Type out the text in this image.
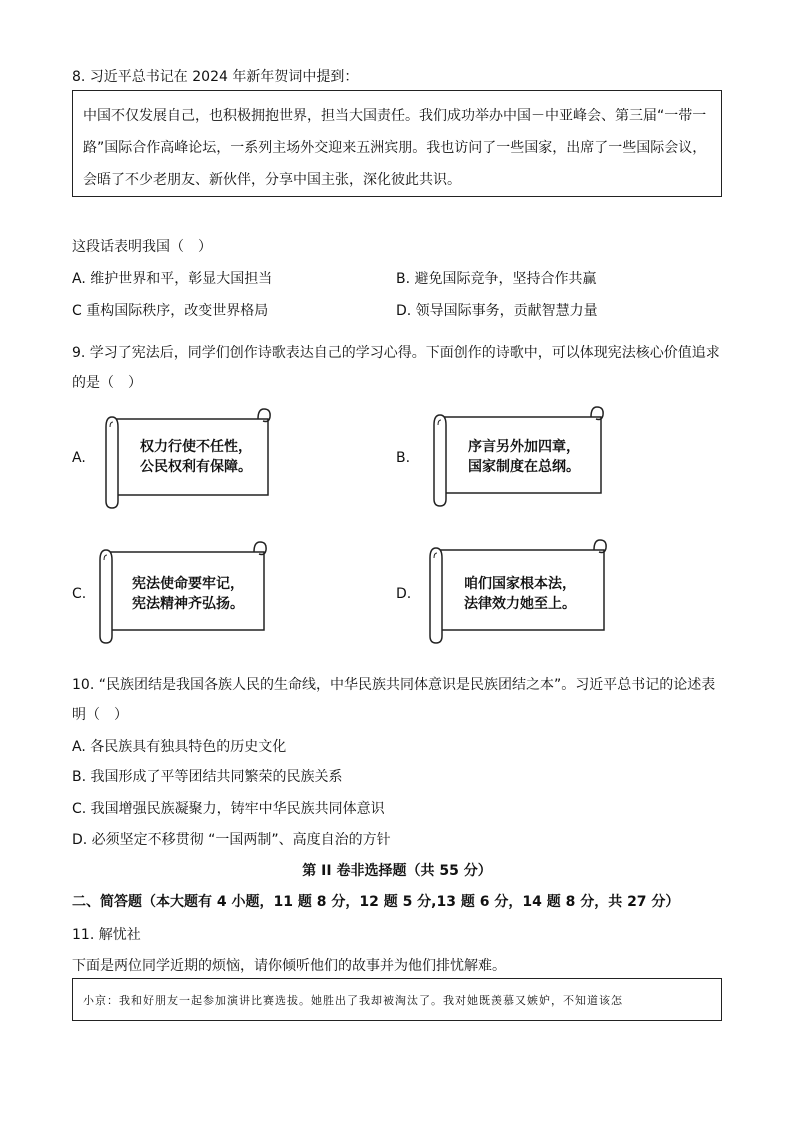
8. 习近平总书记在 2024 年新年贺词中提到：
中国不仅发展自己，也积极拥抱世界，担当大国责任。我们成功举办中国－中亚峰会、第三届“一带一
路”国际合作高峰论坛，一系列主场外交迎来五洲宾朋。我也访问了一些国家，出席了一些国际会议，
会晤了不少老朋友、新伙伴，分享中国主张，深化彼此共识。
这段话表明我国（　）
A. 维护世界和平，彰显大国担当	B. 避免国际竞争，坚持合作共赢
C 重构国际秩序，改变世界格局	D. 领导国际事务，贡献智慧力量
9. 学习了宪法后，同学们创作诗歌表达自己的学习心得。下面创作的诗歌中，可以体现宪法核心价值追求
的是（　）
A.
权力行使不任性，
公民权利有保障。
B.
序言另外加四章，
国家制度在总纲。
C.
宪法使命要牢记，
宪法精神齐弘扬。
D.
咱们国家根本法，
法律效力她至上。
10. “民族团结是我国各族人民的生命线，中华民族共同体意识是民族团结之本”。习近平总书记的论述表
明（　）
A. 各民族具有独具特色的历史文化
B. 我国形成了平等团结共同繁荣的民族关系
C. 我国增强民族凝聚力，铸牢中华民族共同体意识
D. 必须坚定不移贯彻 “一国两制”、高度自治的方针
第 II 卷非选择题（共 55 分）
二、简答题（本大题有 4 小题，11 题 8 分，12 题 5 分,13 题 6 分，14 题 8 分，共 27 分）
11. 解忧社
下面是两位同学近期的烦恼，请你倾听他们的故事并为他们排忧解难。
小京：我和好朋友一起参加演讲比赛选拔。她胜出了我却被淘汰了。我对她既羡慕又嫉妒，不知道该怎
